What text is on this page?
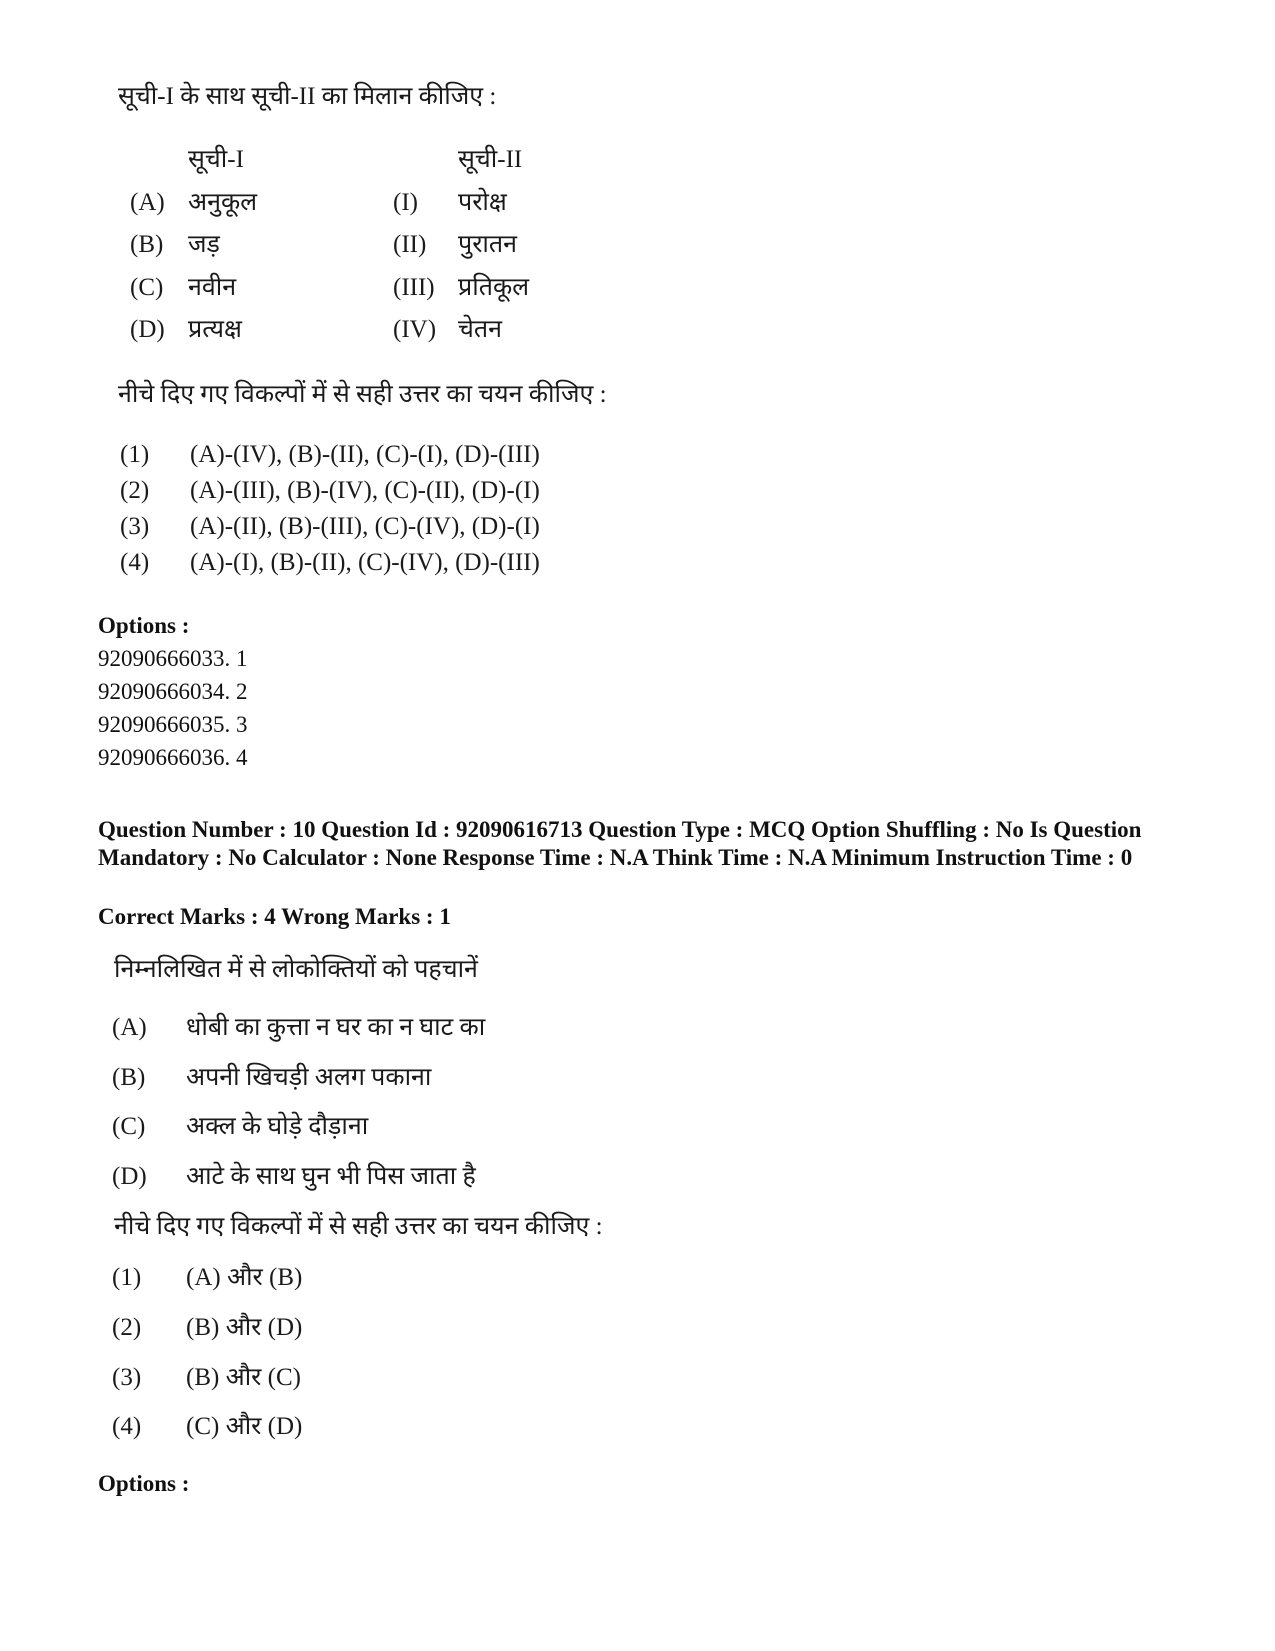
सूची-I के साथ सूची-II का मिलान कीजिए :
सूची-I	सूची-II
(A) अनुकूल
(B) जड़
(C) नवीन
(D) प्रत्यक्ष
(I) परोक्ष
(II) पुरातन
(III) प्रतिकूल
(IV) चेतन
नीचे दिए गए विकल्पों में से सही उत्तर का चयन कीजिए :
(1) (A)-(IV), (B)-(II), (C)-(I), (D)-(III)
(2) (A)-(III), (B)-(IV), (C)-(II), (D)-(I)
(3) (A)-(II), (B)-(III), (C)-(IV), (D)-(I)
(4) (A)-(I), (B)-(II), (C)-(IV), (D)-(III)
Options :
92090666033. 1
92090666034. 2
92090666035. 3
92090666036. 4
Question Number : 10 Question Id : 92090616713 Question Type : MCQ Option Shuffling : No Is Question Mandatory : No Calculator : None Response Time : N.A Think Time : N.A Minimum Instruction Time : 0
Correct Marks : 4 Wrong Marks : 1
निम्नलिखित में से लोकोक्तियों को पहचानें
(A) धोबी का कुत्ता न घर का न घाट का
(B) अपनी खिचड़ी अलग पकाना
(C) अक्ल के घोड़े दौड़ाना
(D) आटे के साथ घुन भी पिस जाता है
नीचे दिए गए विकल्पों में से सही उत्तर का चयन कीजिए :
(1) (A) और (B)
(2) (B) और (D)
(3) (B) और (C)
(4) (C) और (D)
Options :
